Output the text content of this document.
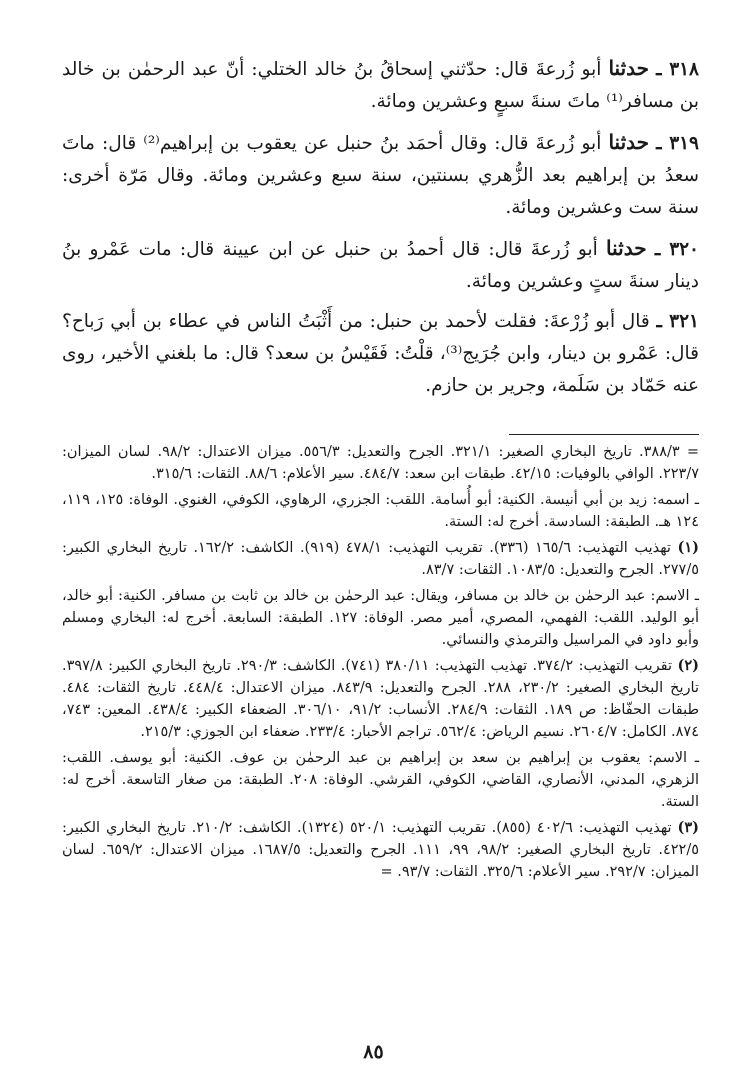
٣١٨ ـ حدثنا أبو زُرعةَ قال: حدّثني إسحاقُ بنُ خالد الختلي: أنّ عبد الرحمٰن بن خالد بن مسافر⁽¹⁾ ماتَ سنةَ سبعٍ وعشرين ومائة.

٣١٩ ـ حدثنا أبو زُرعةَ قال: وقال أحمَد بنُ حنبل عن يعقوب بن إبراهيم⁽²⁾ قال: ماتَ سعدُ بن إبراهيم بعد الزُّهري بسنتين، سنة سبع وعشرين ومائة. وقال مَرّة أخرى: سنة ست وعشرين ومائة.

٣٢٠ ـ حدثنا أبو زُرعةَ قال: قال أحمدُ بن حنبل عن ابن عيينة قال: مات عَمْرو بنُ دينار سنةَ ستٍ وعشرين ومائة.

٣٢١ ـ قال أبو زُرْعةَ: فقلت لأحمد بن حنبل: من أَثْبَتُ الناس في عطاء بن أبي رَباح؟ قال: عَمْرو بن دينار، وابن جُرَيج⁽³⁾، قلْتُ: فَقَيْسُ بن سعد؟ قال: ما بلغني الأخير، روى عنه حَمّاد بن سَلَمة، وجرير بن حازم.

= ٣٨٨/٣. تاريخ البخاري الصغير: ٣٢١/١. الجرح والتعديل: ٥٥٦/٣. ميزان الاعتدال: ٩٨/٢. لسان الميزان: ٢٢٣/٧. الوافي بالوفيات: ٤٢/١٥. طبقات ابن سعد: ٤٨٤/٧. سير الأعلام: ٨٨/٦. الثقات: ٣١٥/٦.

ـ اسمه: زيد بن أبي أنيسة. الكنية: أبو أُسامة. اللقب: الجزري، الرهاوي، الكوفي، الغنوي. الوفاة: ١٢٥، ١١٩، ١٢٤ هـ. الطبقة: السادسة. أخرج له: الستة.

(١) تهذيب التهذيب: ١٦٥/٦ (٣٣٦). تقريب التهذيب: ٤٧٨/١ (٩١٩). الكاشف: ١٦٢/٢. تاريخ البخاري الكبير: ٢٧٧/٥. الجرح والتعديل: ١٠٨٣/٥. الثقات: ٨٣/٧.

ـ الاسم: عبد الرحمٰن بن خالد بن مسافر، ويقال: عبد الرحمٰن بن خالد بن ثابت بن مسافر. الكنية: أبو خالد، أبو الوليد. اللقب: الفهمي، المصري، أمير مصر. الوفاة: ١٢٧. الطبقة: السابعة. أخرج له: البخاري ومسلم وأبو داود في المراسيل والترمذي والنسائي.

(٢) تقريب التهذيب: ٣٧٤/٢. تهذيب التهذيب: ٣٨٠/١١ (٧٤١). الكاشف: ٢٩٠/٣. تاريخ البخاري الكبير: ٣٩٧/٨. تاريخ البخاري الصغير: ٢٣٠/٢، ٢٨٨. الجرح والتعديل: ٨٤٣/٩. ميزان الاعتدال: ٤٤٨/٤. تاريخ الثقات: ٤٨٤. طبقات الحفّاظ: ص ١٨٩. الثقات: ٢٨٤/٩. الأنساب: ٩١/٢، ٣٠٦/١٠. الضعفاء الكبير: ٤٣٨/٤. المعين: ٧٤٣، ٨٧٤. الكامل: ٢٦٠٤/٧. نسيم الرياض: ٥٦٢/٤. تراجم الأحبار: ٢٣٣/٤. ضعفاء ابن الجوزي: ٢١٥/٣.

ـ الاسم: يعقوب بن إبراهيم بن سعد بن إبراهيم بن عبد الرحمٰن بن عوف. الكنية: أبو يوسف. اللقب: الزهري، المدني، الأنصاري، القاضي، الكوفي، القرشي. الوفاة: ٢٠٨. الطبقة: من صغار التاسعة. أخرج له: الستة.

(٣) تهذيب التهذيب: ٤٠٢/٦ (٨٥٥). تقريب التهذيب: ٥٢٠/١ (١٣٢٤). الكاشف: ٢١٠/٢. تاريخ البخاري الكبير: ٤٢٢/٥. تاريخ البخاري الصغير: ٩٨/٢، ٩٩، ١١١. الجرح والتعديل: ١٦٨٧/٥. ميزان الاعتدال: ٦٥٩/٢. لسان الميزان: ٢٩٢/٧. سير الأعلام: ٣٢٥/٦. الثقات: ٩٣/٧. =

٨٥
